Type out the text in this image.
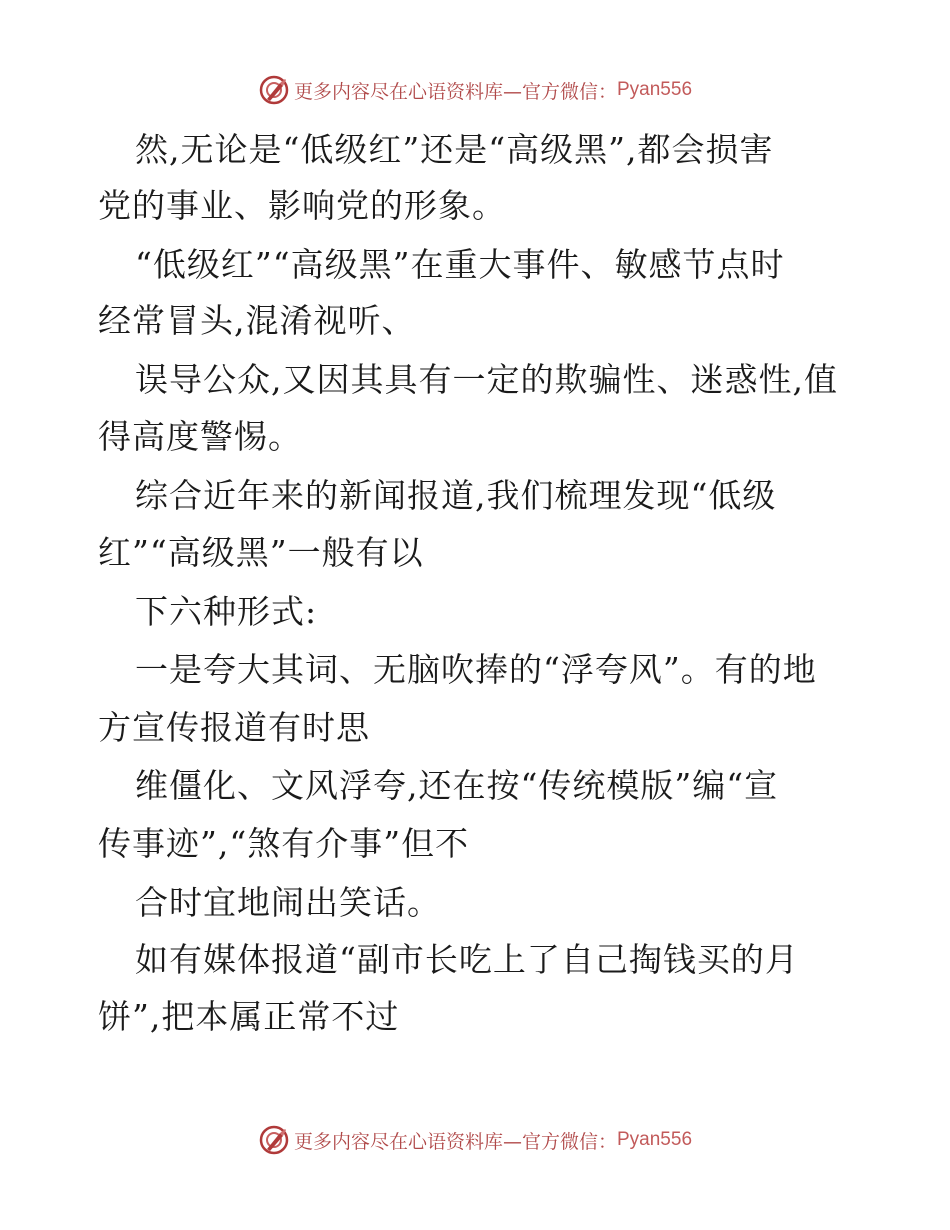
更多内容尽在心语资料库—官方微信： Pyan556
然,无论是“低级红”还是“高级黑”,都会损害
党的事业、影响党的形象。
“低级红”“高级黑”在重大事件、敏感节点时
经常冒头,混淆视听、
误导公众,又因其具有一定的欺骗性、迷惑性,值
得高度警惕。
综合近年来的新闻报道,我们梳理发现“低级
红”“高级黑”一般有以
下六种形式:
一是夸大其词、无脑吹捧的“浮夸风”。有的地
方宣传报道有时思
维僵化、文风浮夸,还在按“传统模版”编“宣
传事迹”,“煞有介事”但不
合时宜地闹出笑话。
如有媒体报道“副市长吃上了自己掏钱买的月
饼”,把本属正常不过
更多内容尽在心语资料库—官方微信： Pyan556
